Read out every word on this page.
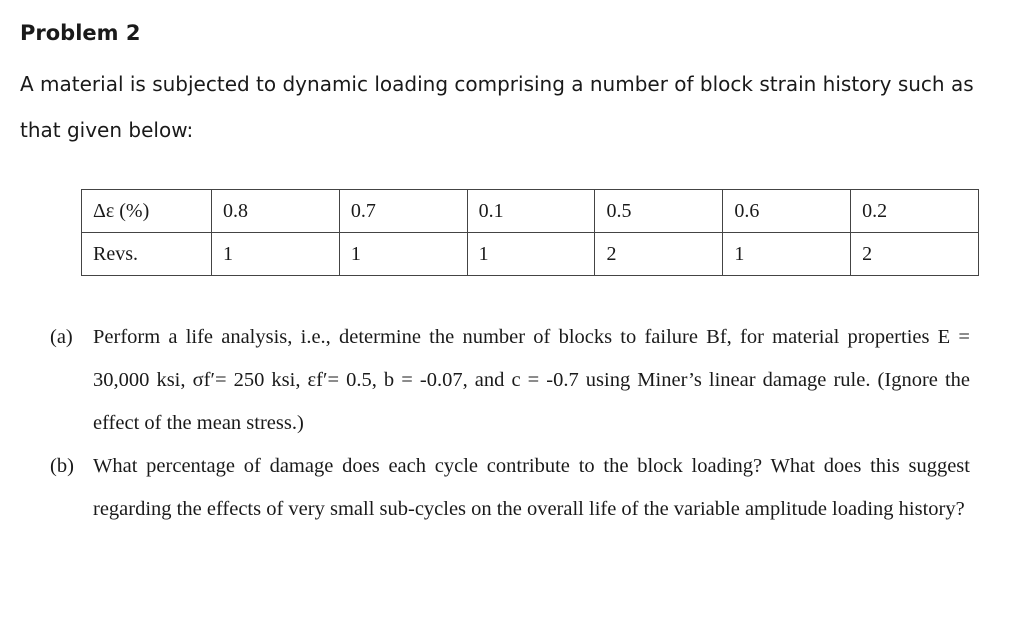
Problem 2

A material is subjected to dynamic loading comprising a number of block strain history such as that given below:

Δε (%)	0.8	0.7	0.1	0.5	0.6	0.2
Revs.	1	1	1	2	1	2

(a) Perform a life analysis, i.e., determine the number of blocks to failure Bf, for material properties E = 30,000 ksi, σf′= 250 ksi, εf′= 0.5, b = -0.07, and c = -0.7 using Miner’s linear damage rule. (Ignore the effect of the mean stress.)

(b) What percentage of damage does each cycle contribute to the block loading? What does this suggest regarding the effects of very small sub-cycles on the overall life of the variable amplitude loading history?
